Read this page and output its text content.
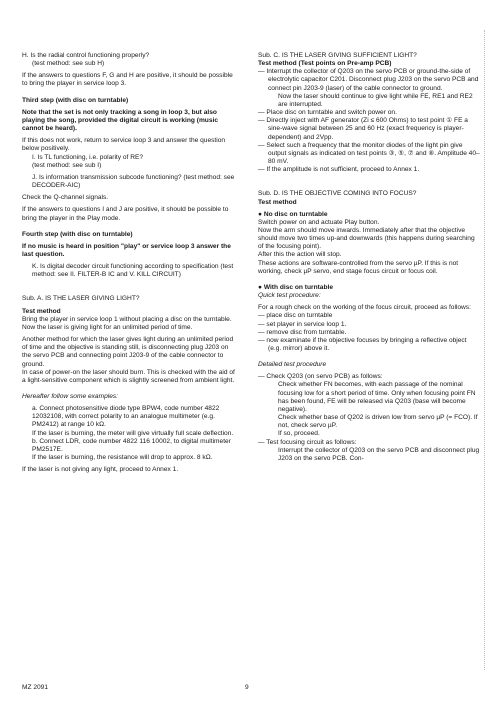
H. Is the radial control functioning properly?
(test method: see sub H)
If the answers to questions F, G and H are positive, it should be possible to bring the player in service loop 3.
Third step (with disc on turntable)
Note that the set is not only tracking a song in loop 3, but also playing the song, provided the digital circuit is working (music cannot be heard).
If this does not work, return to service loop 3 and answer the question below positively.
I. Is TL functioning, i.e. polarity of RE?
(test method: see sub I)
J. Is information transmission subcode functioning? (test method: see DECODER-AIC)
Check the Q-channel signals.
If the answers to questions I and J are positive, it should be possible to bring the player in the Play mode.
Fourth step (with disc on turntable)
If no music is heard in position "play" or service loop 3 answer the last question.
K. Is digital decoder circuit functioning according to specification (test method: see II. FILTER-B IC and V. KILL CIRCUIT)
Sub. A. IS THE LASER GIVING LIGHT?
Test method
Bring the player in service loop 1 without placing a disc on the turntable. Now the laser is giving light for an unlimited period of time.
Another method for which the laser gives light during an unlimited period of time and the objective is standing still, is disconnecting plug J203 on the servo PCB and connecting point J203-9 of the cable connector to ground.
In case of power-on the laser should burn. This is checked with the aid of a light-sensitive component which is slightly screened from ambient light.
Hereafter follow some examples:
a. Connect photosensitive diode type BPW4, code number 4822 12032108, with correct polarity to an analogue multimeter (e.g. PM2412) at range 10 kΩ.
If the laser is burning, the meter will give virtually full scale deflection.
b. Connect LDR, code number 4822 116 10002, to digital multimeter PM2517E.
If the laser is burning, the resistance will drop to approx. 8 kΩ.
If the laser is not giving any light, proceed to Annex 1.
Sub. C. IS THE LASER GIVING SUFFICIENT LIGHT?
Test method (Test points on Pre-amp PCB)
— Interrupt the collector of Q203 on the servo PCB or ground-the-side of electrolytic capacitor C201. Disconnect plug J203 on the servo PCB and connect pin J203-9 (laser) of the cable connector to ground.
Now the laser should continue to give light while FE, RE1 and RE2 are interrupted.
— Place disc on turntable and switch power on.
— Directly inject with AF generator (Zi ≤ 600 Ohms) to test point ① FE a sine-wave signal between 25 and 60 Hz (exact frequency is player-dependent) and 2Vpp.
— Select such a frequency that the monitor diodes of the light pin give output signals as indicated on test points ③, ⑤, ⑦ and ⑧. Amplitude 40–80 mV.
— If the amplitude is not sufficient, proceed to Annex 1.
Sub. D. IS THE OBJECTIVE COMING INTO FOCUS?
Test method
● No disc on turntable
Switch power on and actuate Play button.
Now the arm should move inwards. Immediately after that the objective should move two times up-and downwards (this happens during searching of the focusing point).
After this the action will stop.
These actions are software-controlled from the servo µP. If this is not working, check µP servo, end stage focus circuit or focus coil.
● With disc on turntable
Quick test procedure:
For a rough check on the working of the focus circuit, proceed as follows:
— place disc on turntable
— set player in service loop 1.
— remove disc from turntable.
— now examinate if the objective focuses by bringing a reflective object (e.g. mirror) above it.
Detailed test procedure
— Check Q203 (on servo PCB) as follows:
Check whether FN becomes, with each passage of the nominal focusing low for a short period of time. Only when focusing point FN has been found, FE will be released via Q203 (base will become negative).
Check whether base of Q202 is driven low from servo µP (= FCO). If not, check servo µP.
If so, proceed.
— Test focusing circuit as follows:
Interrupt the collector of Q203 on the servo PCB and disconnect plug J203 on the servo PCB. Con-
MZ 2091	9
